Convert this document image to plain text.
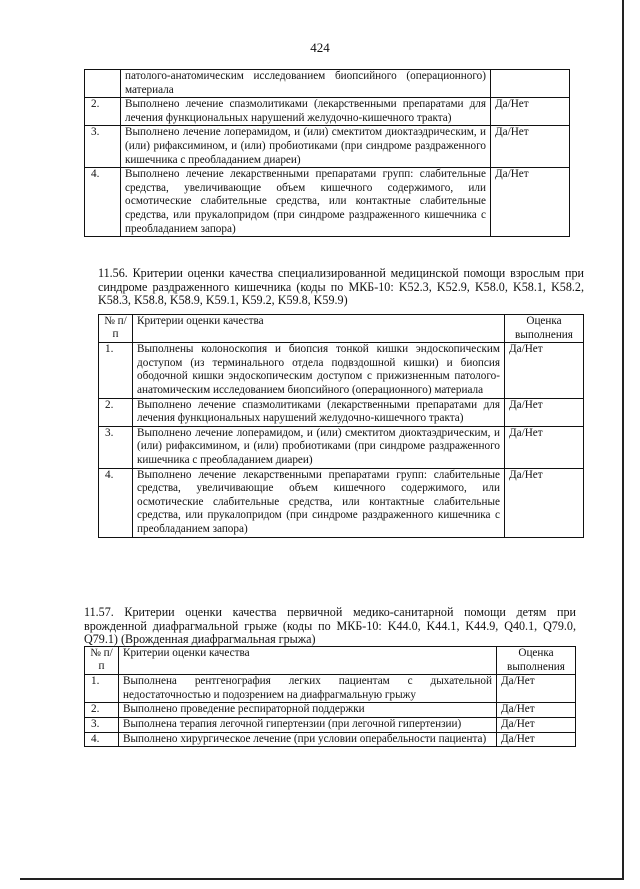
424
	патолого-анатомическим исследованием биопсийного (операционного) материала	
2.	Выполнено лечение спазмолитиками (лекарственными препаратами для лечения функциональных нарушений желудочно-кишечного тракта)	Да/Нет
3.	Выполнено лечение лоперамидом, и (или) смектитом диоктаэдрическим, и (или) рифаксимином, и (или) пробиотиками (при синдроме раздраженного кишечника с преобладанием диареи)	Да/Нет
4.	Выполнено лечение лекарственными препаратами групп: слабительные средства, увеличивающие объем кишечного содержимого, или осмотические слабительные средства, или контактные слабительные средства, или прукалопридом (при синдроме раздраженного кишечника с преобладанием запора)	Да/Нет
11.56. Критерии оценки качества специализированной медицинской помощи взрослым при синдроме раздраженного кишечника (коды по МКБ-10: K52.3, K52.9, K58.0, K58.1, K58.2, K58.3, K58.8, K58.9, K59.1, K59.2, K59.8, K59.9)
№ п/п	Критерии оценки качества	Оценка выполнения
1.	Выполнены колоноскопия и биопсия тонкой кишки эндоскопическим доступом (из терминального отдела подвздошной кишки) и биопсия ободочной кишки эндоскопическим доступом с прижизненным патолого-анатомическим исследованием биопсийного (операционного) материала	Да/Нет
2.	Выполнено лечение спазмолитиками (лекарственными препаратами для лечения функциональных нарушений желудочно-кишечного тракта)	Да/Нет
3.	Выполнено лечение лоперамидом, и (или) смектитом диоктаэдрическим, и (или) рифаксимином, и (или) пробиотиками (при синдроме раздраженного кишечника с преобладанием диареи)	Да/Нет
4.	Выполнено лечение лекарственными препаратами групп: слабительные средства, увеличивающие объем кишечного содержимого, или осмотические слабительные средства, или контактные слабительные средства, или прукалопридом (при синдроме раздраженного кишечника с преобладанием запора)	Да/Нет
11.57. Критерии оценки качества первичной медико-санитарной помощи детям при врожденной диафрагмальной грыже (коды по МКБ-10: K44.0, K44.1, K44.9, Q40.1, Q79.0, Q79.1) (Врожденная диафрагмальная грыжа)
№ п/п	Критерии оценки качества	Оценка выполнения
1.	Выполнена рентгенография легких пациентам с дыхательной недостаточностью и подозрением на диафрагмальную грыжу	Да/Нет
2.	Выполнено проведение респираторной поддержки	Да/Нет
3.	Выполнена терапия легочной гипертензии (при легочной гипертензии)	Да/Нет
4.	Выполнено хирургическое лечение (при условии операбельности пациента)	Да/Нет
